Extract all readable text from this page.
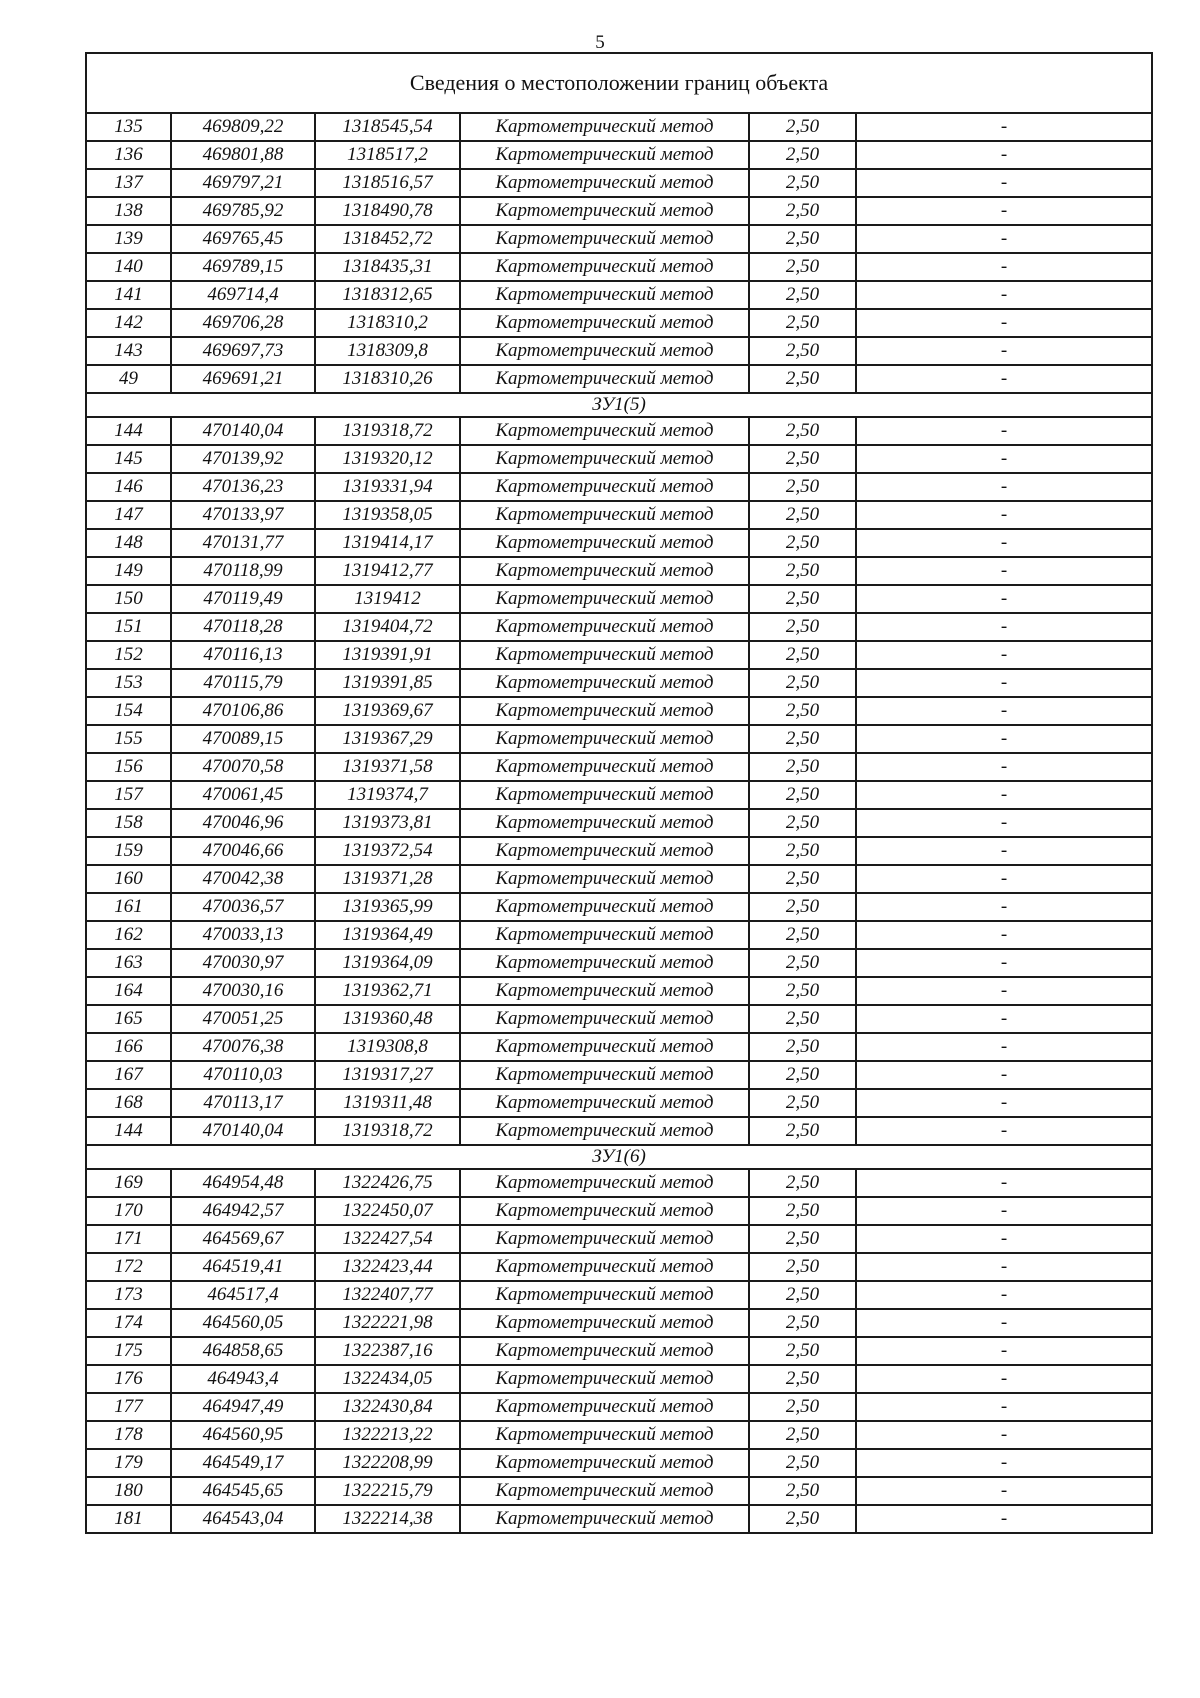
5
Сведения о местоположении границ объекта					
135	469809,22	1318545,54	Картометрический метод	2,50	-
136	469801,88	1318517,2	Картометрический метод	2,50	-
137	469797,21	1318516,57	Картометрический метод	2,50	-
138	469785,92	1318490,78	Картометрический метод	2,50	-
139	469765,45	1318452,72	Картометрический метод	2,50	-
140	469789,15	1318435,31	Картометрический метод	2,50	-
141	469714,4	1318312,65	Картометрический метод	2,50	-
142	469706,28	1318310,2	Картометрический метод	2,50	-
143	469697,73	1318309,8	Картометрический метод	2,50	-
49	469691,21	1318310,26	Картометрический метод	2,50	-
ЗУ1(5)					
144	470140,04	1319318,72	Картометрический метод	2,50	-
145	470139,92	1319320,12	Картометрический метод	2,50	-
146	470136,23	1319331,94	Картометрический метод	2,50	-
147	470133,97	1319358,05	Картометрический метод	2,50	-
148	470131,77	1319414,17	Картометрический метод	2,50	-
149	470118,99	1319412,77	Картометрический метод	2,50	-
150	470119,49	1319412	Картометрический метод	2,50	-
151	470118,28	1319404,72	Картометрический метод	2,50	-
152	470116,13	1319391,91	Картометрический метод	2,50	-
153	470115,79	1319391,85	Картометрический метод	2,50	-
154	470106,86	1319369,67	Картометрический метод	2,50	-
155	470089,15	1319367,29	Картометрический метод	2,50	-
156	470070,58	1319371,58	Картометрический метод	2,50	-
157	470061,45	1319374,7	Картометрический метод	2,50	-
158	470046,96	1319373,81	Картометрический метод	2,50	-
159	470046,66	1319372,54	Картометрический метод	2,50	-
160	470042,38	1319371,28	Картометрический метод	2,50	-
161	470036,57	1319365,99	Картометрический метод	2,50	-
162	470033,13	1319364,49	Картометрический метод	2,50	-
163	470030,97	1319364,09	Картометрический метод	2,50	-
164	470030,16	1319362,71	Картометрический метод	2,50	-
165	470051,25	1319360,48	Картометрический метод	2,50	-
166	470076,38	1319308,8	Картометрический метод	2,50	-
167	470110,03	1319317,27	Картометрический метод	2,50	-
168	470113,17	1319311,48	Картометрический метод	2,50	-
144	470140,04	1319318,72	Картометрический метод	2,50	-
ЗУ1(6)					
169	464954,48	1322426,75	Картометрический метод	2,50	-
170	464942,57	1322450,07	Картометрический метод	2,50	-
171	464569,67	1322427,54	Картометрический метод	2,50	-
172	464519,41	1322423,44	Картометрический метод	2,50	-
173	464517,4	1322407,77	Картометрический метод	2,50	-
174	464560,05	1322221,98	Картометрический метод	2,50	-
175	464858,65	1322387,16	Картометрический метод	2,50	-
176	464943,4	1322434,05	Картометрический метод	2,50	-
177	464947,49	1322430,84	Картометрический метод	2,50	-
178	464560,95	1322213,22	Картометрический метод	2,50	-
179	464549,17	1322208,99	Картометрический метод	2,50	-
180	464545,65	1322215,79	Картометрический метод	2,50	-
181	464543,04	1322214,38	Картометрический метод	2,50	-
